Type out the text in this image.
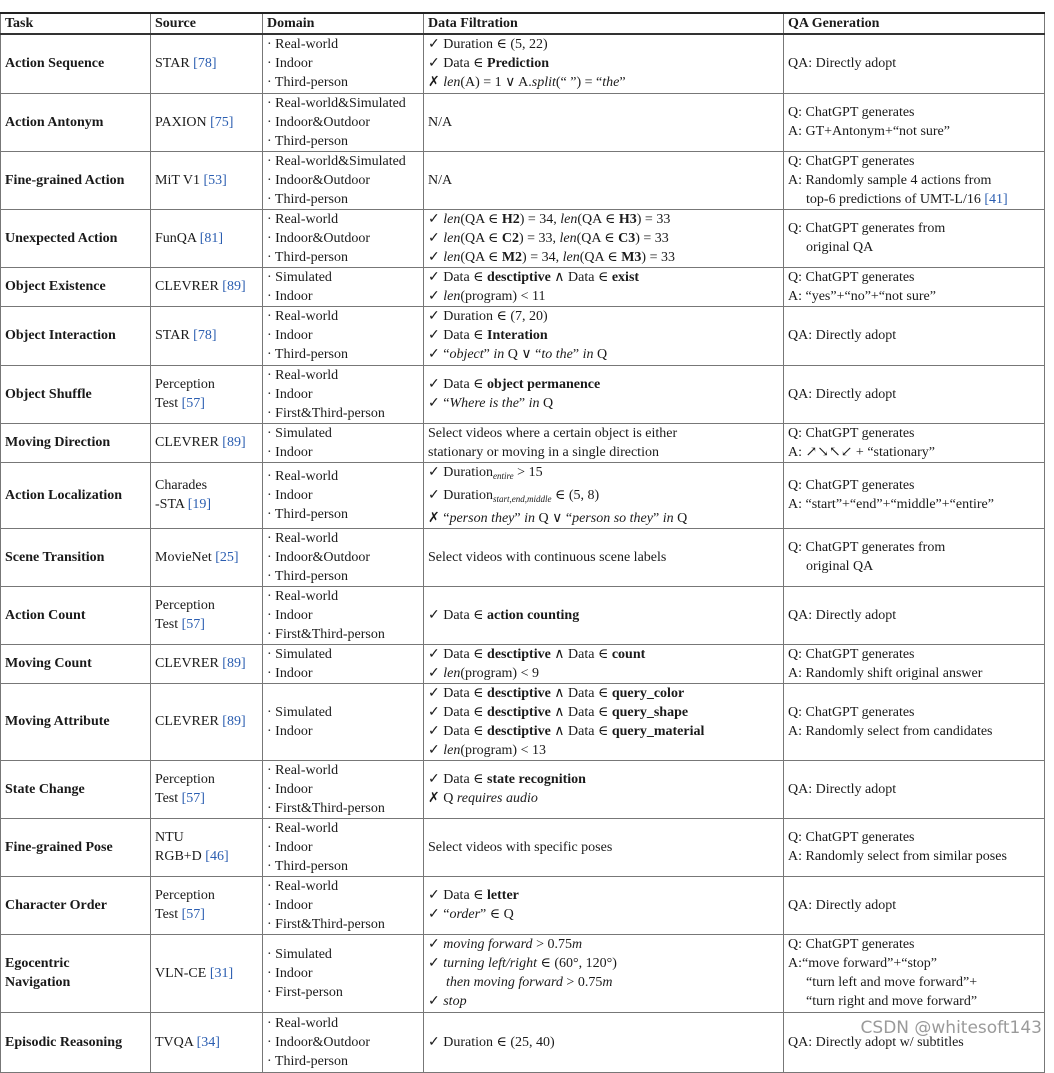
Task	Source	Domain	Data Filtration	QA Generation

Action Sequence	STAR [78]	· Real-world
· Indoor
· Third-person	✓ Duration ∈ (5, 22)
✓ Data ∈ Prediction
✗ len(A) = 1 ∨ A.split(“ ”) = “the”	QA: Directly adopt

Action Antonym	PAXION [75]	· Real-world&Simulated
· Indoor&Outdoor
· Third-person	N/A	Q: ChatGPT generates
A: GT+Antonym+“not sure”

Fine-grained Action	MiT V1 [53]	· Real-world&Simulated
· Indoor&Outdoor
· Third-person	N/A	Q: ChatGPT generates
A: Randomly sample 4 actions from
top-6 predictions of UMT-L/16 [41]

Unexpected Action	FunQA [81]	· Real-world
· Indoor&Outdoor
· Third-person	✓ len(QA ∈ H2) = 34, len(QA ∈ H3) = 33
✓ len(QA ∈ C2) = 33, len(QA ∈ C3) = 33
✓ len(QA ∈ M2) = 34, len(QA ∈ M3) = 33	Q: ChatGPT generates from
original QA

Object Existence	CLEVRER [89]	· Simulated
· Indoor	✓ Data ∈ desctiptive ∧ Data ∈ exist
✓ len(program) < 11	Q: ChatGPT generates
A: “yes”+“no”+“not sure”

Object Interaction	STAR [78]	· Real-world
· Indoor
· Third-person	✓ Duration ∈ (7, 20)
✓ Data ∈ Interation
✓ “object” in Q ∨ “to the” in Q	QA: Directly adopt

Object Shuffle	Perception
Test [57]	· Real-world
· Indoor
· First&Third-person	✓ Data ∈ object permanence
✓ “Where is the” in Q	QA: Directly adopt

Moving Direction	CLEVRER [89]	· Simulated
· Indoor	Select videos where a certain object is either
stationary or moving in a single direction	Q: ChatGPT generates
A: ↗↘↖↙ + “stationary”

Action Localization	Charades
-STA [19]	· Real-world
· Indoor
· Third-person	✓ Duration$_{entire}$ > 15
✓ Duration$_{start,end,middle}$ ∈ (5, 8)
✗ “person they” in Q ∨ “person so they” in Q	Q: ChatGPT generates
A: “start”+“end”+“middle”+“entire”

Scene Transition	MovieNet [25]	· Real-world
· Indoor&Outdoor
· Third-person	Select videos with continuous scene labels	Q: ChatGPT generates from
original QA

Action Count	Perception
Test [57]	· Real-world
· Indoor
· First&Third-person	✓ Data ∈ action counting	QA: Directly adopt

Moving Count	CLEVRER [89]	· Simulated
· Indoor	✓ Data ∈ desctiptive ∧ Data ∈ count
✓ len(program) < 9	Q: ChatGPT generates
A: Randomly shift original answer

Moving Attribute	CLEVRER [89]	· Simulated
· Indoor	✓ Data ∈ desctiptive ∧ Data ∈ query_color
✓ Data ∈ desctiptive ∧ Data ∈ query_shape
✓ Data ∈ desctiptive ∧ Data ∈ query_material
✓ len(program) < 13	Q: ChatGPT generates
A: Randomly select from candidates

State Change	Perception
Test [57]	· Real-world
· Indoor
· First&Third-person	✓ Data ∈ state recognition
✗ Q requires audio	QA: Directly adopt

Fine-grained Pose	NTU
RGB+D [46]	· Real-world
· Indoor
· Third-person	Select videos with specific poses	Q: ChatGPT generates
A: Randomly select from similar poses

Character Order	Perception
Test [57]	· Real-world
· Indoor
· First&Third-person	✓ Data ∈ letter
✓ “order” ∈ Q	QA: Directly adopt

Egocentric
Navigation	VLN-CE [31]	· Simulated
· Indoor
· First-person	✓ moving forward > 0.75m
✓ turning left/right ∈ (60°, 120°)
then moving forward > 0.75m
✓ stop	Q: ChatGPT generates
A:“move forward”+“stop”
“turn left and move forward”+
“turn right and move forward”

Episodic Reasoning	TVQA [34]	· Real-world
· Indoor&Outdoor
· Third-person	✓ Duration ∈ (25, 40)	QA: Directly adopt w/ subtitles
CSDN @whitesoft143
